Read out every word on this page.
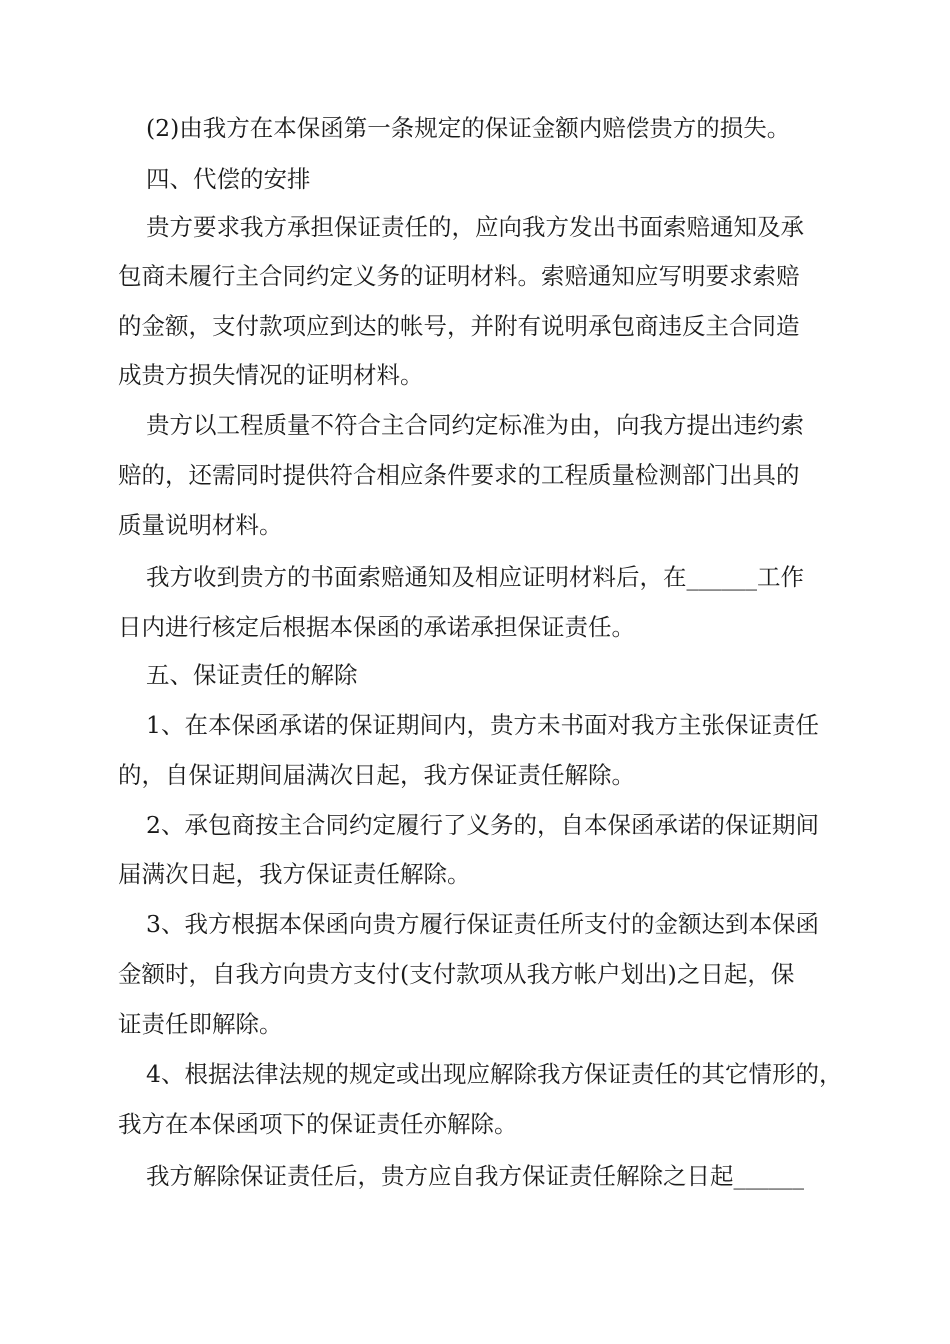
(2)由我方在本保函第一条规定的保证金额内赔偿贵方的损失。
四、代偿的安排
贵方要求我方承担保证责任的，应向我方发出书面索赔通知及承
包商未履行主合同约定义务的证明材料。索赔通知应写明要求索赔
的金额，支付款项应到达的帐号，并附有说明承包商违反主合同造
成贵方损失情况的证明材料。
贵方以工程质量不符合主合同约定标准为由，向我方提出违约索
赔的，还需同时提供符合相应条件要求的工程质量检测部门出具的
质量说明材料。
我方收到贵方的书面索赔通知及相应证明材料后，在______工作
日内进行核定后根据本保函的承诺承担保证责任。
五、保证责任的解除
1、在本保函承诺的保证期间内，贵方未书面对我方主张保证责任
的，自保证期间届满次日起，我方保证责任解除。
2、承包商按主合同约定履行了义务的，自本保函承诺的保证期间
届满次日起，我方保证责任解除。
3、我方根据本保函向贵方履行保证责任所支付的金额达到本保函
金额时，自我方向贵方支付(支付款项从我方帐户划出)之日起，保
证责任即解除。
4、根据法律法规的规定或出现应解除我方保证责任的其它情形的，
我方在本保函项下的保证责任亦解除。
我方解除保证责任后，贵方应自我方保证责任解除之日起______
